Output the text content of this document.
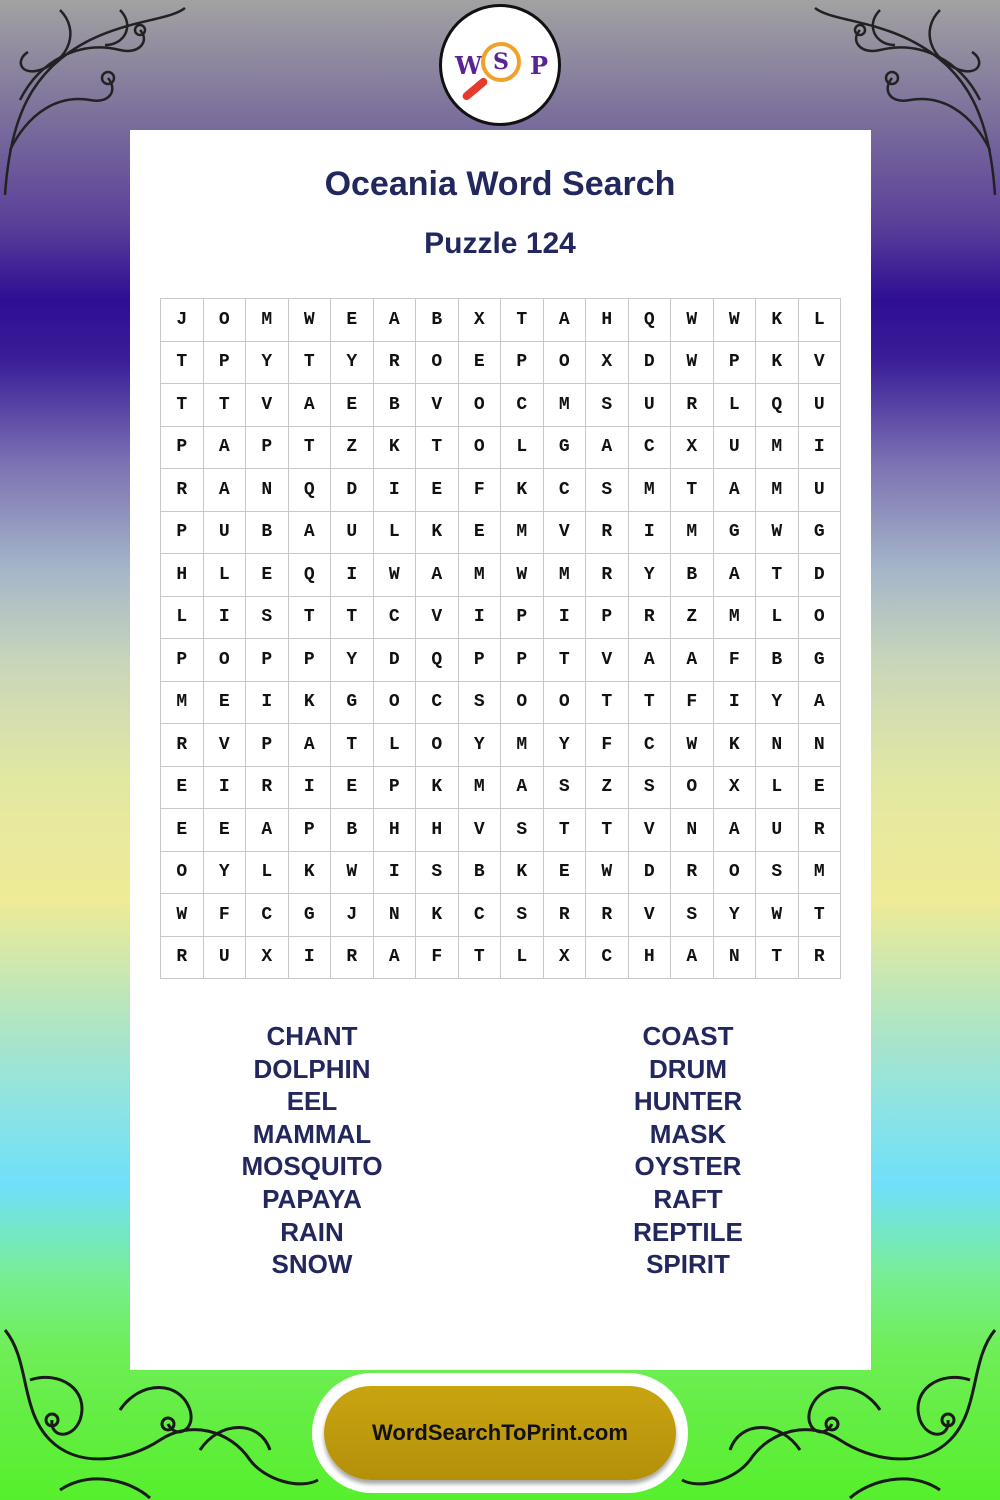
W S P
Oceania Word Search
Puzzle 124
J	O	M	W	E	A	B	X	T	A	H	Q	W	W	K	L
T	P	Y	T	Y	R	O	E	P	O	X	D	W	P	K	V
T	T	V	A	E	B	V	O	C	M	S	U	R	L	Q	U
P	A	P	T	Z	K	T	O	L	G	A	C	X	U	M	I
R	A	N	Q	D	I	E	F	K	C	S	M	T	A	M	U
P	U	B	A	U	L	K	E	M	V	R	I	M	G	W	G
H	L	E	Q	I	W	A	M	W	M	R	Y	B	A	T	D
L	I	S	T	T	C	V	I	P	I	P	R	Z	M	L	O
P	O	P	P	Y	D	Q	P	P	T	V	A	A	F	B	G
M	E	I	K	G	O	C	S	O	O	T	T	F	I	Y	A
R	V	P	A	T	L	O	Y	M	Y	F	C	W	K	N	N
E	I	R	I	E	P	K	M	A	S	Z	S	O	X	L	E
E	E	A	P	B	H	H	V	S	T	T	V	N	A	U	R
O	Y	L	K	W	I	S	B	K	E	W	D	R	O	S	M
W	F	C	G	J	N	K	C	S	R	R	V	S	Y	W	T
R	U	X	I	R	A	F	T	L	X	C	H	A	N	T	R
CHANT
DOLPHIN
EEL
MAMMAL
MOSQUITO
PAPAYA
RAIN
SNOW
COAST
DRUM
HUNTER
MASK
OYSTER
RAFT
REPTILE
SPIRIT
WordSearchToPrint.com
